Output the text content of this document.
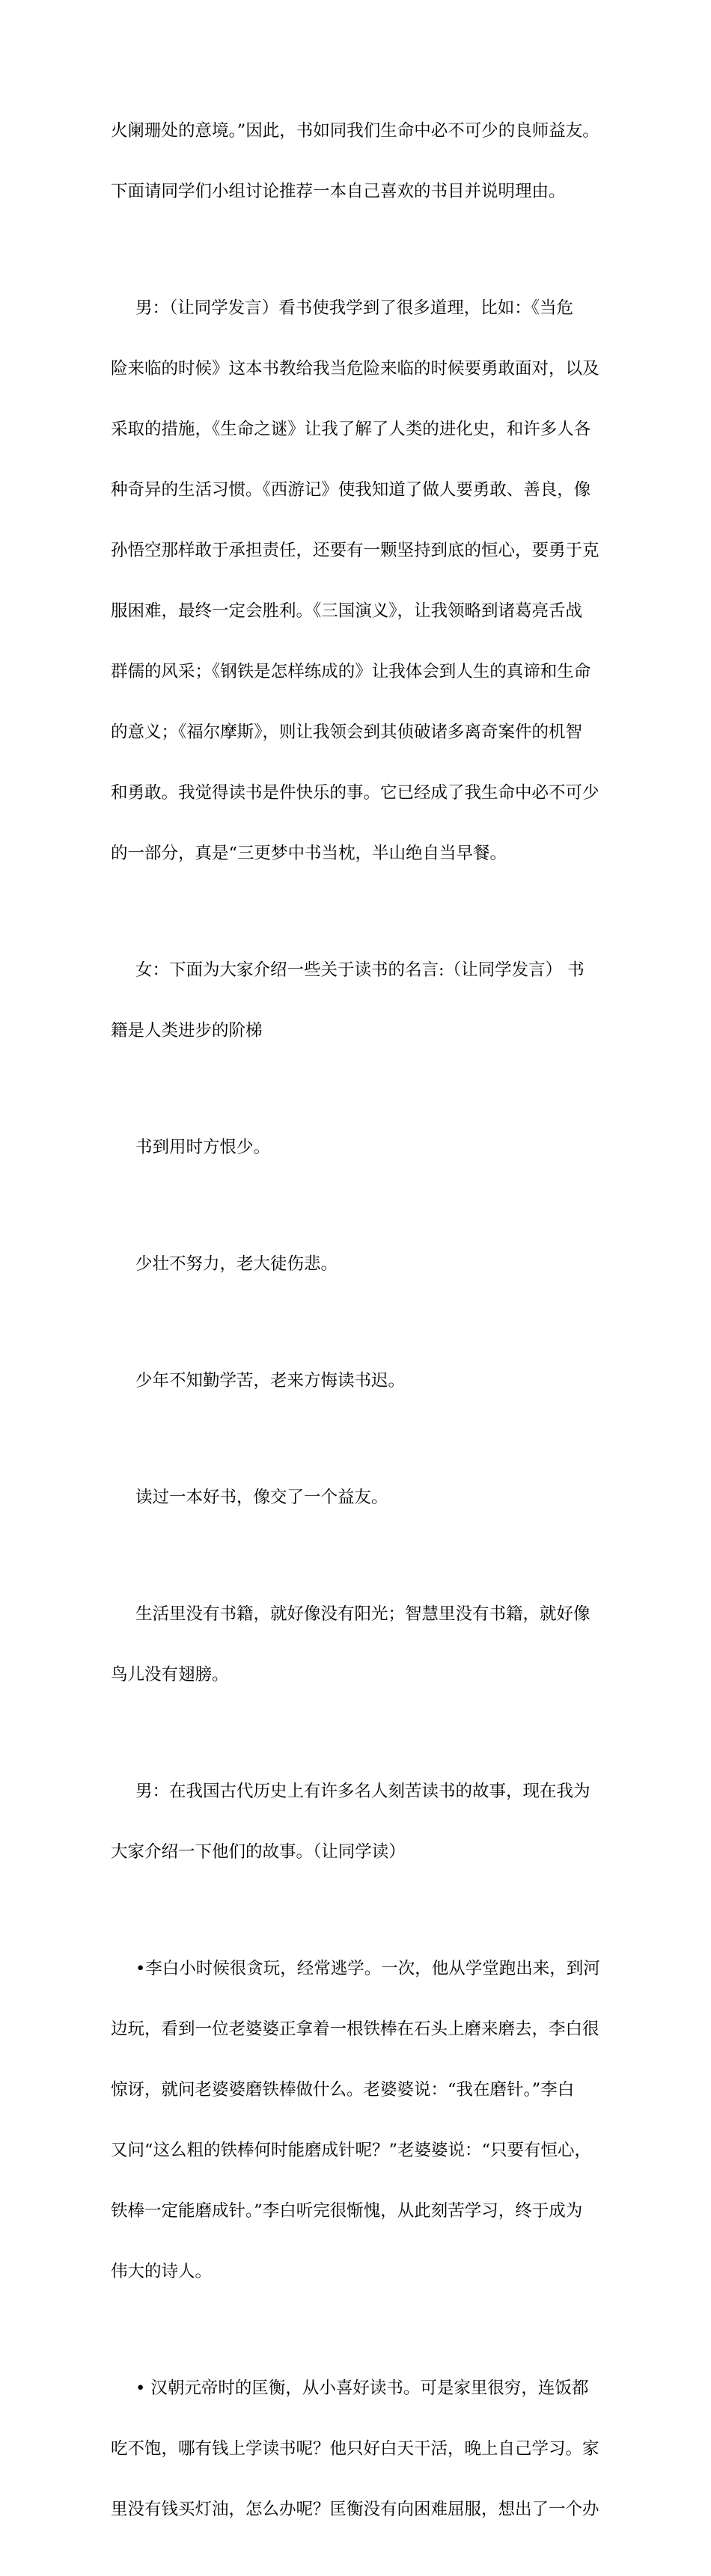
火阑珊处的意境。”因此，书如同我们生命中必不可少的良师益友。

下面请同学们小组讨论推荐一本自己喜欢的书目并说明理由。

男：（让同学发言）看书使我学到了很多道理，比如：《当危

险来临的时候》这本书教给我当危险来临的时候要勇敢面对，以及

采取的措施，《生命之谜》让我了解了人类的进化史，和许多人各

种奇异的生活习惯。《西游记》使我知道了做人要勇敢、善良，像

孙悟空那样敢于承担责任，还要有一颗坚持到底的恒心，要勇于克

服困难，最终一定会胜利。《三国演义》，让我领略到诸葛亮舌战

群儒的风采；《钢铁是怎样练成的》让我体会到人生的真谛和生命

的意义；《福尔摩斯》，则让我领会到其侦破诸多离奇案件的机智

和勇敢。我觉得读书是件快乐的事。它已经成了我生命中必不可少

的一部分，真是“三更梦中书当枕，半山绝自当早餐。

女：下面为大家介绍一些关于读书的名言:（让同学发言） 书

籍是人类进步的阶梯

书到用时方恨少。

少壮不努力，老大徒伤悲。

少年不知勤学苦，老来方悔读书迟。

读过一本好书，像交了一个益友。

生活里没有书籍，就好像没有阳光；智慧里没有书籍，就好像

鸟儿没有翅膀。

男：在我国古代历史上有许多名人刻苦读书的故事，现在我为

大家介绍一下他们的故事。（让同学读）

•李白小时候很贪玩，经常逃学。一次，他从学堂跑出来，到河

边玩，看到一位老婆婆正拿着一根铁棒在石头上磨来磨去，李白很

惊讶，就问老婆婆磨铁棒做什么。老婆婆说：“我在磨针。”李白

又问“这么粗的铁棒何时能磨成针呢？”老婆婆说：“只要有恒心，

铁棒一定能磨成针。”李白听完很惭愧，从此刻苦学习，终于成为

伟大的诗人。

• 汉朝元帝时的匡衡，从小喜好读书。可是家里很穷，连饭都

吃不饱，哪有钱上学读书呢？他只好白天干活，晚上自己学习。家

里没有钱买灯油，怎么办呢？匡衡没有向困难屈服，想出了一个办
